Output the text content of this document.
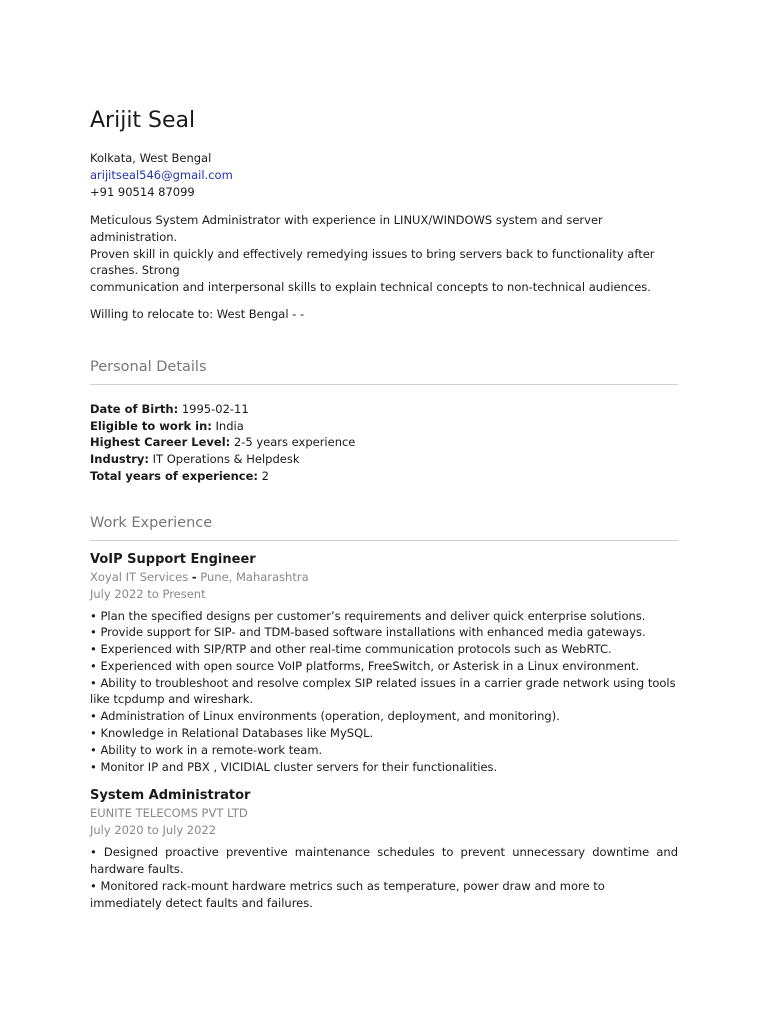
Arijit Seal
Kolkata, West Bengal
arijitseal546@gmail.com
+91 90514 87099

Meticulous System Administrator with experience in LINUX/WINDOWS system and server administration.

Proven skill in quickly and effectively remedying issues to bring servers back to functionality after crashes. Strong

communication and interpersonal skills to explain technical concepts to non-technical audiences.

Willing to relocate to: West Bengal - -
Personal Details
Date of Birth: 1995-02-11
Eligible to work in: India
Highest Career Level: 2-5 years experience
Industry: IT Operations & Helpdesk
Total years of experience: 2
Work Experience
VoIP Support Engineer
Xoyal IT Services - Pune, Maharashtra
July 2022 to Present

• Plan the specified designs per customer’s requirements and deliver quick enterprise solutions.

• Provide support for SIP- and TDM-based software installations with enhanced media gateways.

• Experienced with SIP/RTP and other real-time communication protocols such as WebRTC.

• Experienced with open source VoIP platforms, FreeSwitch, or Asterisk in a Linux environment.

• Ability to troubleshoot and resolve complex SIP related issues in a carrier grade network using tools like tcpdump and wireshark.

• Administration of Linux environments (operation, deployment, and monitoring).

• Knowledge in Relational Databases like MySQL.

• Ability to work in a remote-work team.

• Monitor IP and PBX , VICIDIAL cluster servers for their functionalities.

System Administrator
EUNITE TELECOMS PVT LTD
July 2020 to July 2022

• Designed proactive preventive maintenance schedules to prevent unnecessary downtime and hardware faults.

• Monitored rack-mount hardware metrics such as temperature, power draw and more to immediately detect faults and failures.
